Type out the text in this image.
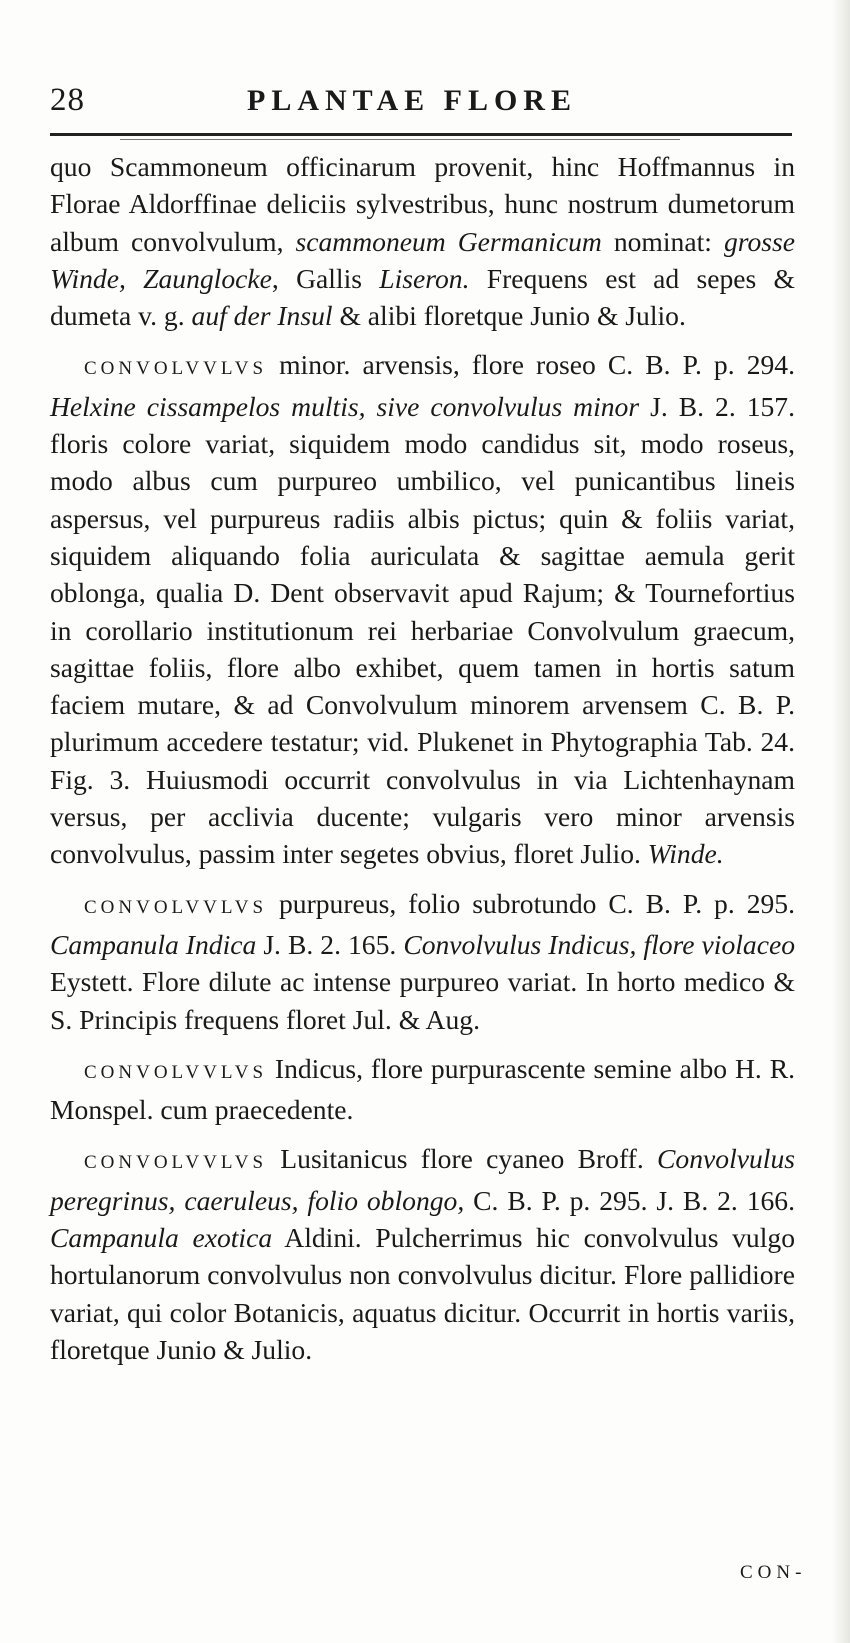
28	PLANTAE FLORE

quo Scammoneum officinarum provenit, hinc Hoffmannus in Florae Aldorffinae deliciis sylvestribus, hunc nostrum dumetorum album convolvulum, scammoneum Germanicum nominat: grosse Winde, Zaunglocke, Gallis Liseron. Frequens est ad sepes & dumeta v. g. auf der Insul & alibi floretque Junio & Julio.

CONVOLVVLVS minor. arvensis, flore roseo C. B. P. p. 294. Helxine cissampelos multis, sive convolvulus minor J. B. 2. 157. floris colore variat, siquidem modo candidus sit, modo roseus, modo albus cum purpureo umbilico, vel punicantibus lineis aspersus, vel purpureus radiis albis pictus; quin & foliis variat, siquidem aliquando folia auriculata & sagittae aemula gerit oblonga, qualia D. Dent observavit apud Rajum; & Tournefortius in corollario institutionum rei herbariae Convolvulum graecum, sagittae foliis, flore albo exhibet, quem tamen in hortis satum faciem mutare, & ad Convolvulum minorem arvensem C. B. P. plurimum accedere testatur; vid. Plukenet in Phytographia Tab. 24. Fig. 3. Huiusmodi occurrit convolvulus in via Lichtenhaynam versus, per acclivia ducente; vulgaris vero minor arvensis convolvulus, passim inter segetes obvius, floret Julio. Winde.

CONVOLVVLVS purpureus, folio subrotundo C. B. P. p. 295. Campanula Indica J. B. 2. 165. Convolvulus Indicus, flore violaceo Eystett. Flore dilute ac intense purpureo variat. In horto medico & S. Principis frequens floret Jul. & Aug.

CONVOLVVLVS Indicus, flore purpurascente semine albo H. R. Monspel. cum praecedente.

CONVOLVVLVS Lusitanicus flore cyaneo Broff. Convolvulus peregrinus, caeruleus, folio oblongo, C. B. P. p. 295. J. B. 2. 166. Campanula exotica Aldini. Pulcherrimus hic convolvulus vulgo hortulanorum convolvulus non convolvulus dicitur. Flore pallidiore variat, qui color Botanicis, aquatus dicitur. Occurrit in hortis variis, floretque Junio & Julio.

CON-
